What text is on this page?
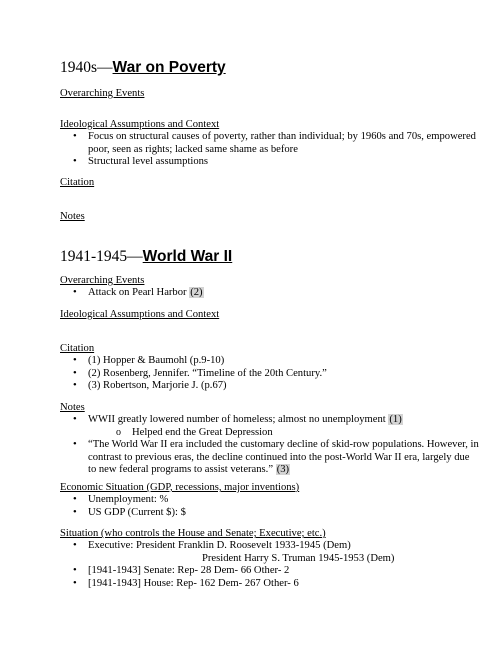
1940s—War on Poverty
Overarching Events
Ideological Assumptions and Context
• Focus on structural causes of poverty, rather than individual; by 1960s and 70s, empowered poor, seen as rights; lacked same shame as before
• Structural level assumptions
Citation
Notes
1941-1945—World War II
Overarching Events
• Attack on Pearl Harbor (2)
Ideological Assumptions and Context
Citation
• (1) Hopper & Baumohl (p.9-10)
• (2) Rosenberg, Jennifer. “Timeline of the 20th Century.”
• (3) Robertson, Marjorie J. (p.67)
Notes
• WWII greatly lowered number of homeless; almost no unemployment (1)
o Helped end the Great Depression
• “The World War II era included the customary decline of skid-row populations. However, in contrast to previous eras, the decline continued into the post-World War II era, largely due to new federal programs to assist veterans.” (3)
Economic Situation (GDP, recessions, major inventions)
• Unemployment: %
• US GDP (Current $): $
Situation (who controls the House and Senate; Executive; etc.)
• Executive: President Franklin D. Roosevelt 1933-1945 (Dem)
President Harry S. Truman 1945-1953 (Dem)
• [1941-1943] Senate: Rep- 28 Dem- 66 Other- 2
• [1941-1943] House: Rep- 162 Dem- 267 Other- 6
